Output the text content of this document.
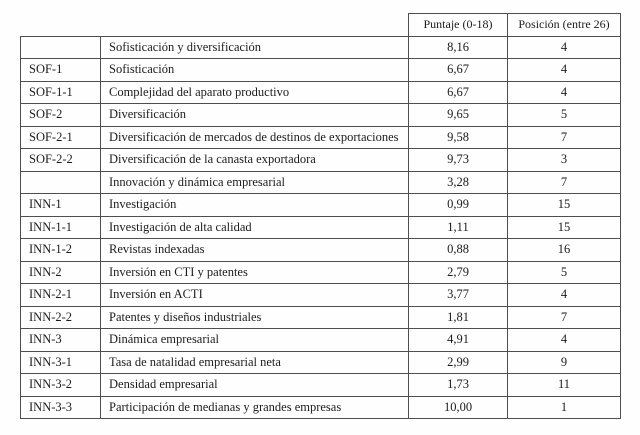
		Puntaje (0-18)	Posición (entre 26)
	Sofisticación y diversificación	8,16	4
SOF-1	Sofisticación	6,67	4
SOF-1-1	Complejidad del aparato productivo	6,67	4
SOF-2	Diversificación	9,65	5
SOF-2-1	Diversificación de mercados de destinos de exportaciones	9,58	7
SOF-2-2	Diversificación de la canasta exportadora	9,73	3
	Innovación y dinámica empresarial	3,28	7
INN-1	Investigación	0,99	15
INN-1-1	Investigación de alta calidad	1,11	15
INN-1-2	Revistas indexadas	0,88	16
INN-2	Inversión en CTI y patentes	2,79	5
INN-2-1	Inversión en ACTI	3,77	4
INN-2-2	Patentes y diseños industriales	1,81	7
INN-3	Dinámica empresarial	4,91	4
INN-3-1	Tasa de natalidad empresarial neta	2,99	9
INN-3-2	Densidad empresarial	1,73	11
INN-3-3	Participación de medianas y grandes empresas	10,00	1
